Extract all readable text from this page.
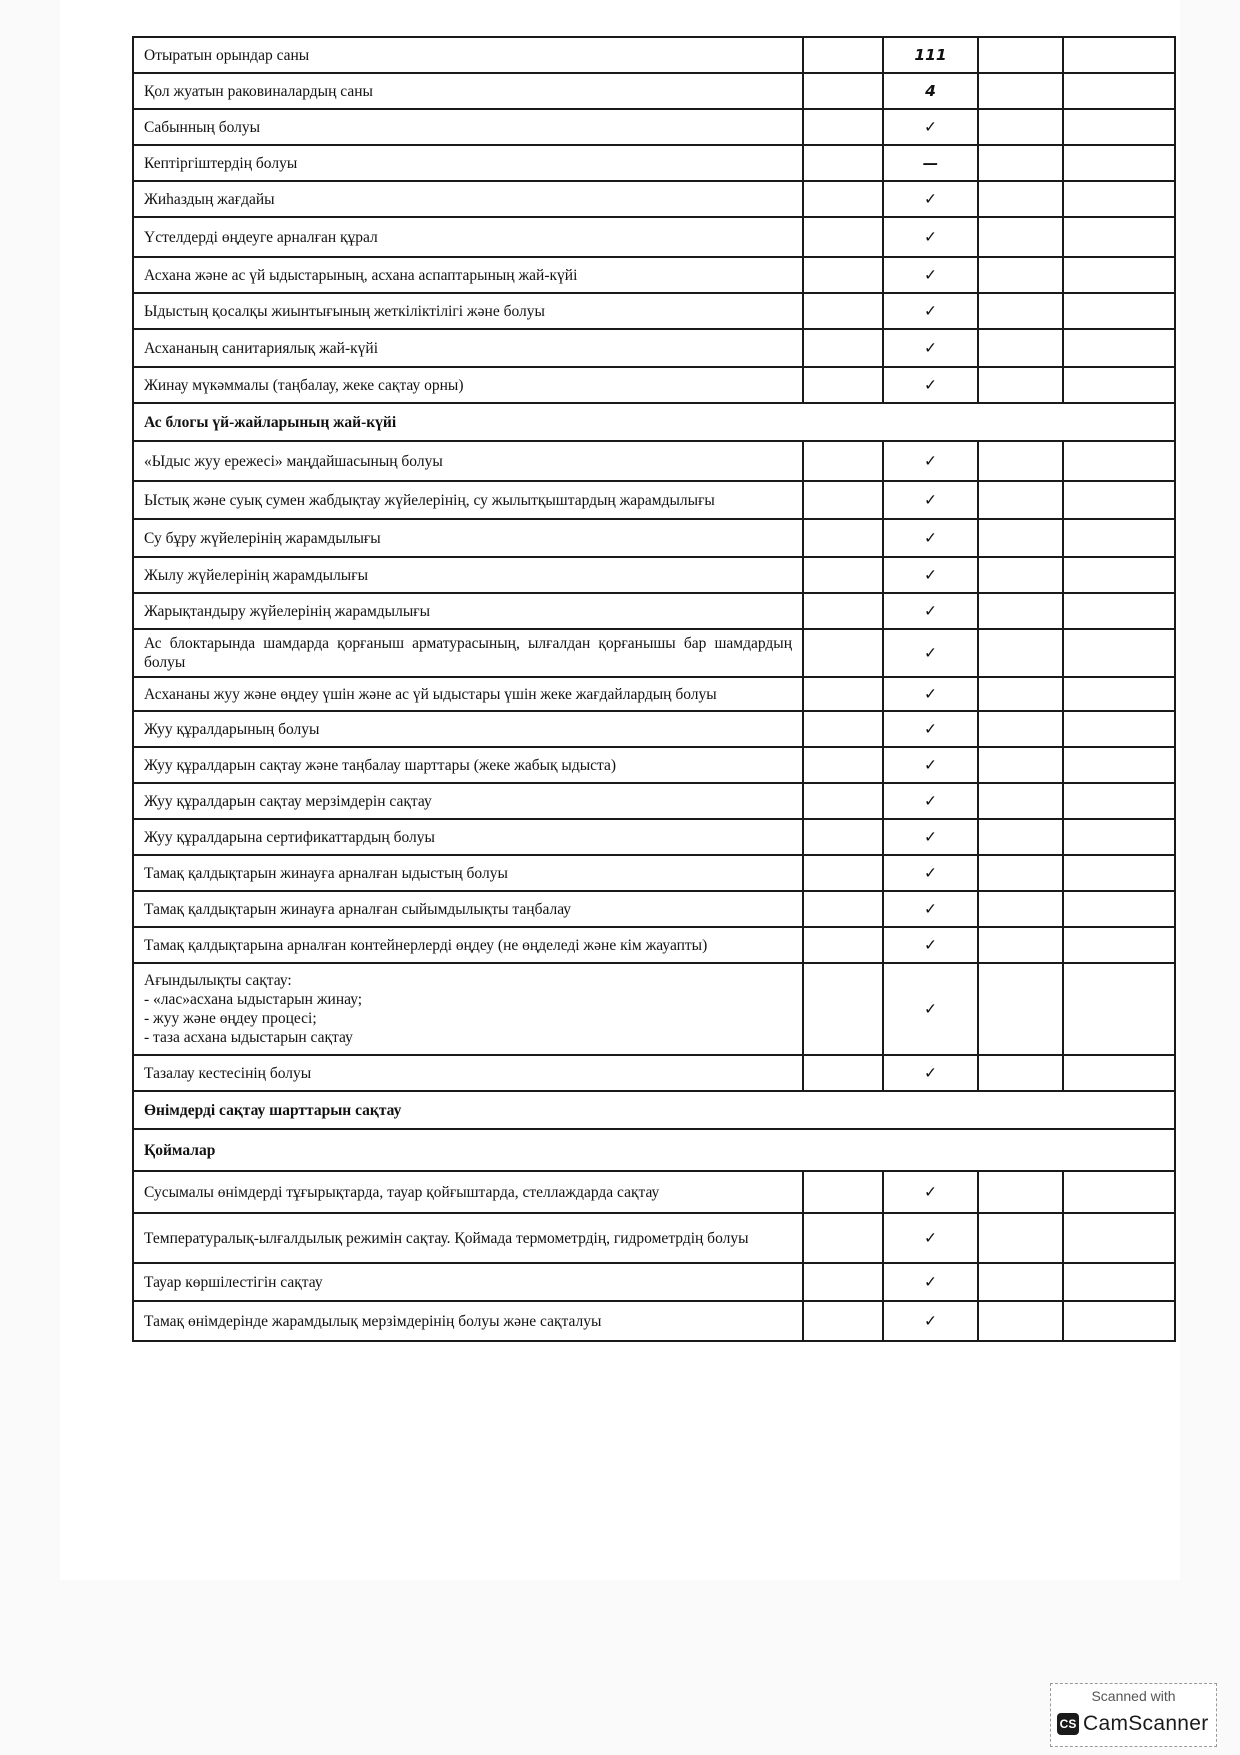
Отыратын орындар саны		111		
Қол жуатын раковиналардың саны		4		
Сабынның болуы		✓		
Кептіргіштердің болуы		—		
Жиһаздың жағдайы		✓		
Үстелдерді өңдеуге арналған құрал		✓		
Асхана және ас үй ыдыстарының, асхана аспаптарының жай-күйі		✓		
Ыдыстың қосалқы жиынтығының жеткіліктілігі және болуы		✓		
Асхананың санитариялық жай-күйі		✓		
Жинау мүкәммалы (таңбалау, жеке сақтау орны)		✓		
Ас блогы үй-жайларының жай-күйі				
«Ыдыс жуу ережесі» маңдайшасының болуы		✓		
Ыстық және суық сумен жабдықтау жүйелерінің, су жылытқыштардың жарамдылығы		✓		
Су бұру жүйелерінің жарамдылығы		✓		
Жылу жүйелерінің жарамдылығы		✓		
Жарықтандыру жүйелерінің жарамдылығы		✓		
Ас блоктарында шамдарда қорғаныш арматурасының, ылғалдан қорғанышы бар шамдардың болуы		✓		
Асхананы жуу және өңдеу үшін және ас үй ыдыстары үшін жеке жағдайлардың болуы		✓		
Жуу құралдарының болуы		✓		
Жуу құралдарын сақтау және таңбалау шарттары (жеке жабық ыдыста)		✓		
Жуу құралдарын сақтау мерзімдерін сақтау		✓		
Жуу құралдарына сертификаттардың болуы		✓		
Тамақ қалдықтарын жинауға арналған ыдыстың болуы		✓		
Тамақ қалдықтарын жинауға арналған сыйымдылықты таңбалау		✓		
Тамақ қалдықтарына арналған контейнерлерді өңдеу (не өңделеді және кім жауапты)		✓		

Ағындылықты сақтау:
- «лас»асхана ыдыстарын жинау;
- жуу және өңдеу процесі;
- таза асхана ыдыстарын сақтау		✓		
Тазалау кестесінің болуы		✓		
Өнімдерді сақтау шарттарын сақтау				
Қоймалар				
Сусымалы өнімдерді тұғырықтарда, тауар қойғыштарда, стеллаждарда сақтау		✓		
Температуралық-ылғалдылық режимін сақтау. Қоймада термометрдің, гидрометрдің болуы		✓		
Тауар көршілестігін сақтау		✓		
Тамақ өнімдерінде жарамдылық мерзімдерінің болуы және сақталуы		✓		
Scanned with
CS CamScanner
